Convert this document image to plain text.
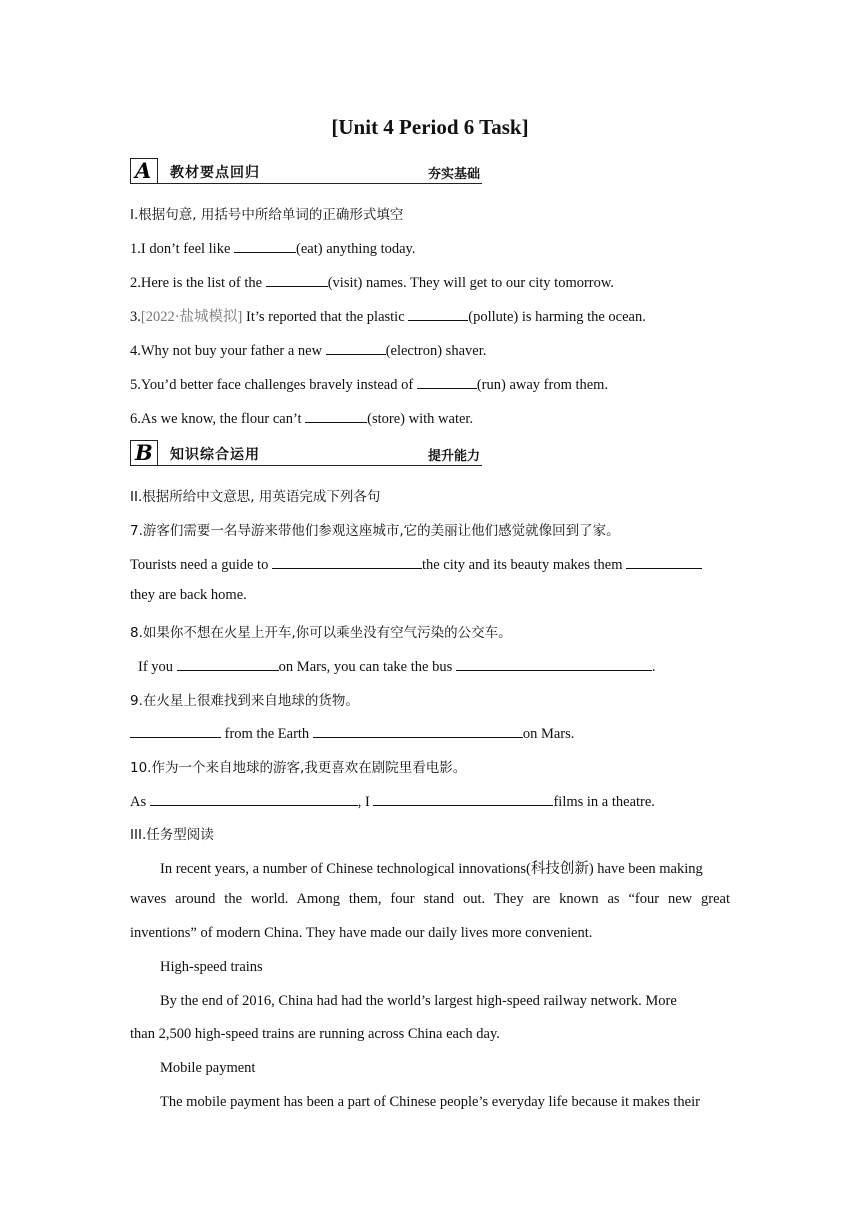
[Unit 4 Period 6 Task]
A 教材要点回归	夯实基础
I.根据句意, 用括号中所给单词的正确形式填空
1.I don’t feel like	(eat) anything today.
2.Here is the list of the	(visit) names. They will get to our city tomorrow.
3.[2022·盐城模拟] It’s reported that the plastic	(pollute) is harming the ocean.
4.Why not buy your father a new	(electron) shaver.
5.You’d better face challenges bravely instead of	(run) away from them.
6.As we know, the flour can’t	(store) with water.
B 知识综合运用	提升能力
II.根据所给中文意思, 用英语完成下列各句
7.游客们需要一名导游来带他们参观这座城市,它的美丽让他们感觉就像回到了家。
Tourists need a guide to	the city and its beauty makes them
they are back home.
8.如果你不想在火星上开车,你可以乘坐没有空气污染的公交车。
If you	on Mars, you can take the bus	.
9.在火星上很难找到来自地球的货物。
from the Earth	on Mars.
10.作为一个来自地球的游客,我更喜欢在剧院里看电影。
As	, I	films in a theatre.
III.任务型阅读
In recent years, a number of Chinese technological innovations(科技创新) have been making
waves around the world. Among them, four stand out. They are known as “four new great
inventions” of modern China. They have made our daily lives more convenient.
High-speed trains
By the end of 2016, China had had the world’s largest high-speed railway network. More
than 2,500 high-speed trains are running across China each day.
Mobile payment
The mobile payment has been a part of Chinese people’s everyday life because it makes their
